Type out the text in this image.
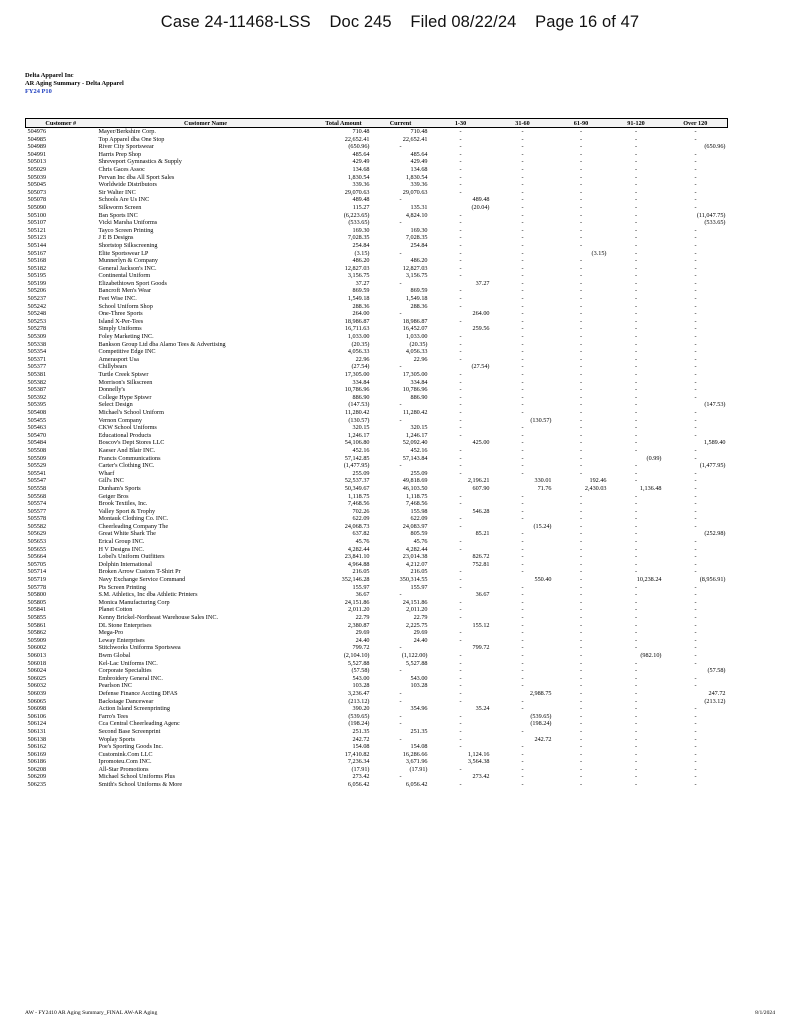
Case 24-11468-LSS    Doc 245    Filed 08/22/24    Page 16 of 47
Delta Apparel Inc
AR Aging Summary - Delta Apparel
FY24 P10
Customer #	Customer Name	Total Amount	Current	1-30	31-60	61-90	91-120	Over 120
504976	Mayer/Berkshire Corp.	710.48	710.48	-	-	-	-	-
504985	Top Apparel dba One Stop	22,652.41	22,652.41	-	-	-	-	-
504989	River City Sportswear	(650.96)	-	-	-	-	-	(650.96)
504991	Harris Prep Shop	485.64	485.64	-	-	-	-	-
505013	Shreveport Gymnastics & Supply	429.49	429.49	-	-	-	-	-
505029	Chris Gaces Assoc	134.68	134.68	-	-	-	-	-
505039	Pervan Inc dba All Sport Sales	1,830.54	1,830.54	-	-	-	-	-
505045	Worldwide Distributors	339.36	339.36	-	-	-	-	-
505073	Sir Walter INC	29,070.63	29,070.63	-	-	-	-	-
505078	Schools Are Us INC	489.48	-	489.48	-	-	-	-
505090	Silkworm Screen	115.27	135.31	(20.04)	-	-	-	-
505100	Bsn Sports INC	(6,223.65)	4,824.10	-	-	-	-	(11,047.75)
505107	Vicki Marsha Uniforms	(533.65)	-	-	-	-	-	(533.65)
505121	Tayco Screen Printing	169.30	169.30	-	-	-	-	-
505123	J E B Designs	7,028.35	7,028.35	-	-	-	-	-
505144	Shortstop Silkscreening	254.84	254.84	-	-	-	-	-
505167	Elite Sportswear LP	(3.15)	-	-	-	(3.15)	-	-
505168	Munnerlyn & Company	486.20	486.20	-	-	-	-	-
505182	General Jackson's INC.	12,827.03	12,827.03	-	-	-	-	-
505195	Continental Uniform	3,156.75	3,156.75	-	-	-	-	-
505199	Elizabethtown Sport Goods	37.27	-	37.27	-	-	-	-
505206	Bancroft Men's Wear	869.59	869.59	-	-	-	-	-
505237	Feet Wise INC.	1,549.18	1,549.18	-	-	-	-	-
505242	School Uniform Shop	288.36	288.36	-	-	-	-	-
505248	One-Three Sports	264.00	-	264.00	-	-	-	-
505253	Island X-Per-Tees	18,986.87	18,986.87	-	-	-	-	-
505278	Simply Uniforms	16,711.63	16,452.07	259.56	-	-	-	-
505309	Foley Marketing INC.	1,033.00	1,033.00	-	-	-	-	-
505338	Bankson Group Ltd dba Alamo Tees & Advertising	(20.35)	(20.35)	-	-	-	-	-
505354	Competitive Edge INC	4,056.33	4,056.33	-	-	-	-	-
505371	Amerasport Usa	22.96	22.96	-	-	-	-	-
505377	Chillybears	(27.54)	-	(27.54)	-	-	-	-
505381	Turtle Creek Sptswr	17,305.00	17,305.00	-	-	-	-	-
505382	Morrison's Silkscreen	334.84	334.84	-	-	-	-	-
505387	Donnelly's	10,786.96	10,786.96	-	-	-	-	-
505392	College Hype Sptswr	886.90	886.90	-	-	-	-	-
505395	Select Design	(147.53)	-	-	-	-	-	(147.53)
505408	Michael's School Uniform	11,280.42	11,280.42	-	-	-	-	-
505455	Vernon Company	(130.57)	-	-	(130.57)	-	-	-
505463	CKW School Uniforms	320.15	320.15	-	-	-	-	-
505470	Educational Products	1,246.17	1,246.17	-	-	-	-	-
505484	Boscov's Dept Stores LLC	54,106.80	52,092.40	425.00	-	-	-	1,589.40
505508	Kaeser And Blair INC.	452.16	452.16	-	-	-	-	-
505509	Francis Communications	57,142.85	57,143.84	-	-	-	(0.99)	-
505529	Carter's Clothing INC.	(1,477.95)	-	-	-	-	-	(1,477.95)
505541	Wharf	255.09	255.09	-	-	-	-	-
505547	Gill's INC	52,537.37	49,818.69	2,196.21	330.01	192.46	-	-
505558	Dunham's Sports	50,349.67	46,103.50	607.90	71.76	2,430.03	1,136.48	-
505568	Geiger Bros	1,118.75	1,118.75	-	-	-	-	-
505574	Brook Textiles, Inc.	7,468.56	7,468.56	-	-	-	-	-
505577	Valley Sport & Trophy	702.26	155.98	546.28	-	-	-	-
505578	Montauk Clothing Co. INC.	622.09	622.09	-	-	-	-	-
505582	Cheerleading Company The	24,068.73	24,083.97	-	(15.24)	-	-	-
505629	Great White Shark The	637.82	805.59	85.21	-	-	-	(252.98)
505653	Erical Group INC.	45.76	45.76	-	-	-	-	-
505655	H V Designs INC.	4,282.44	4,282.44	-	-	-	-	-
505664	Lobel's Uniform Outfitters	23,841.10	23,014.38	826.72	-	-	-	-
505705	Dolphin International	4,964.88	4,212.07	752.81	-	-	-	-
505714	Broken Arrow Custom T-Shirt Pr	216.05	216.05	-	-	-	-	-
505719	Navy Exchange Service Command	352,146.28	350,314.55	-	550.40	-	10,238.24	(8,956.91)
505778	Pts Screen Printing	155.97	155.97	-	-	-	-	-
505800	S.M. Athletics, Inc dba Athletic Printers	36.67	-	36.67	-	-	-	-
505805	Monica Manufacturing Corp	24,151.86	24,151.86	-	-	-	-	-
505841	Planet Cotton	2,011.20	2,011.20	-	-	-	-	-
505855	Kenny Brickel-Northeast Warehouse Sales INC.	22.79	22.79	-	-	-	-	-
505861	DL Stone Enterprises	2,380.87	2,225.75	155.12	-	-	-	-
505862	Mega-Pro	29.69	29.69	-	-	-	-	-
505909	Leway Enterprises	24.40	24.40	-	-	-	-	-
506002	Stitchworks Uniforms Sportswea	799.72	-	799.72	-	-	-	-
506013	Bwm Global	(2,104.10)	(1,122.00)	-	-	-	(982.10)	-
506018	Kel-Lac Uniforms INC.	5,527.88	5,527.88	-	-	-	-	-
506024	Corporate Specialties	(57.58)	-	-	-	-	-	(57.58)
506025	Embroidery General INC.	543.00	543.00	-	-	-	-	-
506032	Pearlson INC	103.28	103.28	-	-	-	-	-
506039	Defense Finance Accting DFAS	3,236.47	-	-	2,988.75	-	-	247.72
506065	Backstage Dancewear	(213.12)	-	-	-	-	-	(213.12)
506098	Action Island Screenprinting	390.20	354.96	35.24	-	-	-	-
506106	Farro's Tees	(539.65)	-	-	(539.65)	-	-	-
506124	Cca Central Cheerleading Agenc	(198.24)	-	-	(198.24)	-	-	-
506131	Second Base Screenprint	251.35	251.35	-	-	-	-	-
506138	Woplay Sports	242.72	-	-	242.72	-	-	-
506162	Poe's Sporting Goods Inc.	154.08	154.08	-	-	-	-	-
506169	Customink.Com LLC	17,410.82	16,286.66	1,124.16	-	-	-	-
506186	Ipromoteu.Com INC.	7,236.34	3,671.96	3,564.38	-	-	-	-
506208	All-Star Promotions	(17.91)	(17.91)	-	-	-	-	-
506209	Michael School Uniforms Plus	273.42	-	273.42	-	-	-	-
506235	Smith's School Uniforms & More	6,056.42	6,056.42	-	-	-	-	-
AW - FY2410 AR Aging Summary_FINAL AW-AR Aging	8/1/2024
